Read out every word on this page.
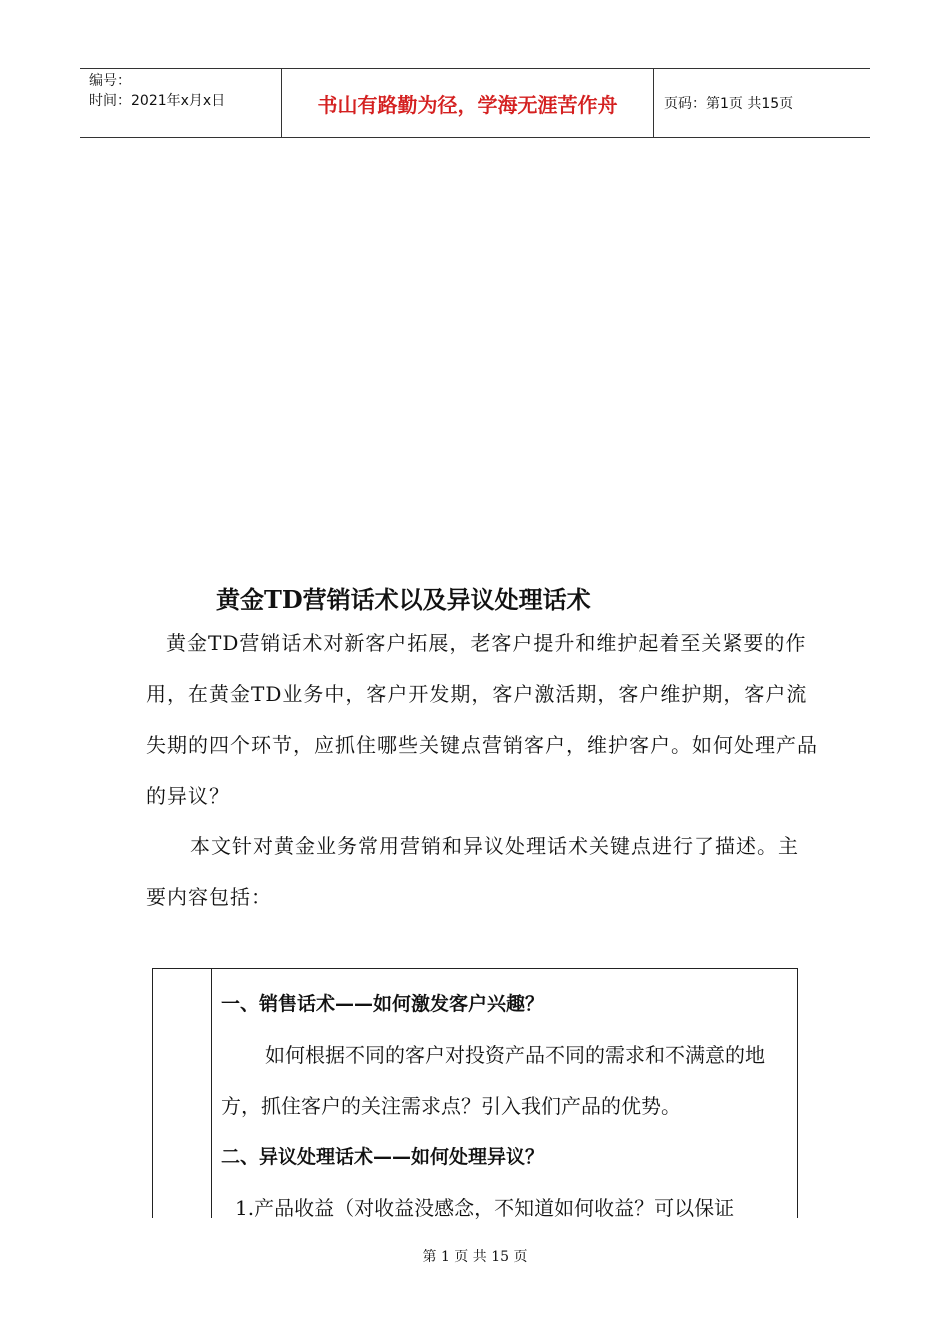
编号：
时间：2021年x月x日	书山有路勤为径，学海无涯苦作舟	页码：第1页 共15页
黄金TD营销话术以及异议处理话术

黄金TD营销话术对新客户拓展，老客户提升和维护起着至关紧要的作用，在黄金TD业务中，客户开发期，客户激活期，客户维护期，客户流失期的四个环节，应抓住哪些关键点营销客户，维护客户。如何处理产品的异议？

本文针对黄金业务常用营销和异议处理话术关键点进行了描述。主要内容包括：

一、销售话术——如何激发客户兴趣？

如何根据不同的客户对投资产品不同的需求和不满意的地方，抓住客户的关注需求点？引入我们产品的优势。

二、异议处理话术——如何处理异议？

1.产品收益（对收益没感念，不知道如何收益？可以保证

第 1 页 共 15 页
